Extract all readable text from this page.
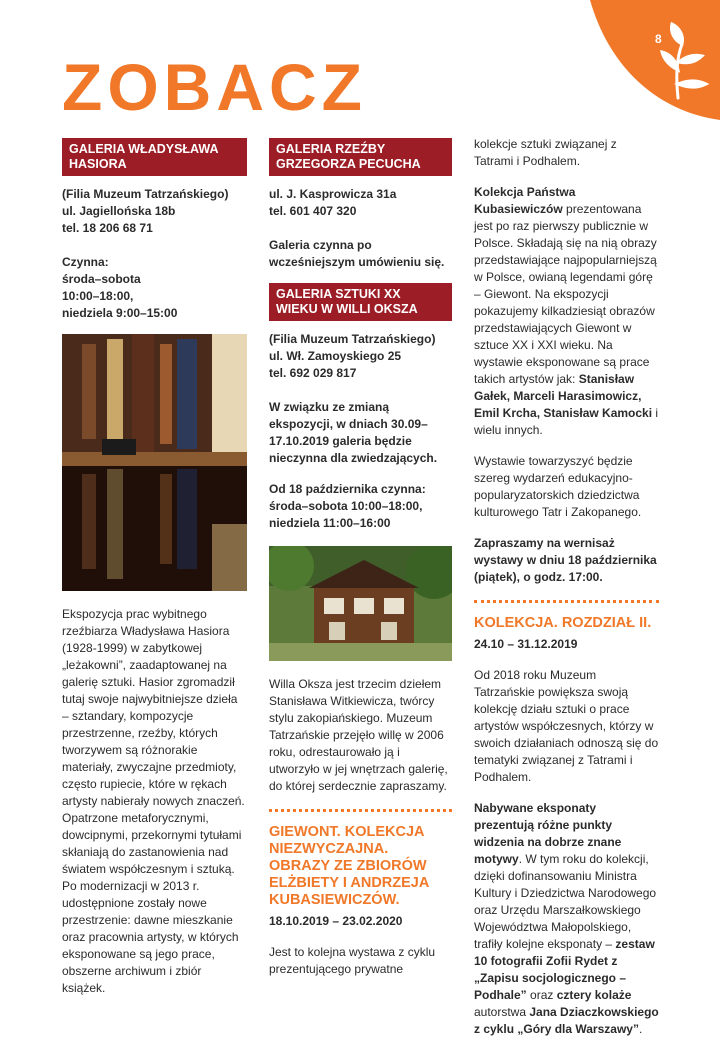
8
ZOBACZ
GALERIA WŁADYSŁAWA HASIORA
(Filia Muzeum Tatrzańskiego)
ul. Jagiellońska 18b
tel. 18 206 68 71
Czynna:
środa–sobota
10:00–18:00,
niedziela 9:00–15:00

Ekspozycja prac wybitnego rzeźbiarza Władysława Hasiora (1928-1999) w zabytkowej „leżakowni”, zaadaptowanej na galerię sztuki. Hasior zgromadził tutaj swoje najwybitniejsze dzieła – sztandary, kompozycje przestrzenne, rzeźby, których tworzywem są różnorakie materiały, zwyczajne przedmioty, często rupiecie, które w rękach artysty nabierały nowych znaczeń. Opatrzone metaforycznymi, dowcipnymi, przekornymi tytułami skłaniają do zastanowienia nad światem współczesnym i sztuką. Po modernizacji w 2013 r. udostępnione zostały nowe przestrzenie: dawne mieszkanie oraz pracownia artysty, w których eksponowane są jego prace, obszerne archiwum i zbiór książek.

GALERIA RZEŹBY GRZEGORZA PECUCHA
ul. J. Kasprowicza 31a
tel. 601 407 320
Galeria czynna po wcześniejszym umówieniu się.
GALERIA SZTUKI XX WIEKU W WILLI OKSZA
(Filia Muzeum Tatrzańskiego)
ul. Wł. Zamoyskiego 25
tel. 692 029 817

W związku ze zmianą ekspozycji, w dniach 30.09–17.10.2019 galeria będzie nieczynna dla zwiedzających.

Od 18 października czynna: środa–sobota 10:00–18:00, niedziela 11:00–16:00

Willa Oksza jest trzecim dziełem Stanisława Witkiewicza, twórcy stylu zakopiańskiego. Muzeum Tatrzańskie przejęło willę w 2006 roku, odrestaurowało ją i utworzyło w jej wnętrzach galerię, do której serdecznie zapraszamy.

GIEWONT. KOLEKCJA NIEZWYCZAJNA. OBRAZY ZE ZBIORÓW ELŻBIETY I ANDRZEJA KUBASIEWICZÓW.
18.10.2019 – 23.02.2020

Jest to kolejna wystawa z cyklu prezentującego prywatne

kolekcje sztuki związanej z Tatrami i Podhalem.

Kolekcja Państwa Kubasiewiczów prezentowana jest po raz pierwszy publicznie w Polsce. Składają się na nią obrazy przedstawiające najpopularniejszą w Polsce, owianą legendami górę – Giewont. Na ekspozycji pokazujemy kilkadziesiąt obrazów przedstawiających Giewont w sztuce XX i XXI wieku. Na wystawie eksponowane są prace takich artystów jak: Stanisław Gałek, Marceli Harasimowicz, Emil Krcha, Stanisław Kamocki i wielu innych.

Wystawie towarzyszyć będzie szereg wydarzeń edukacyjno-popularyzatorskich dziedzictwa kulturowego Tatr i Zakopanego.

Zapraszamy na wernisaż wystawy w dniu 18 października (piątek), o godz. 17:00.

KOLEKCJA. ROZDZIAŁ II.
24.10 – 31.12.2019

Od 2018 roku Muzeum Tatrzańskie powiększa swoją kolekcję działu sztuki o prace artystów współczesnych, którzy w swoich działaniach odnoszą się do tematyki związanej z Tatrami i Podhalem.

Nabywane eksponaty prezentują różne punkty widzenia na dobrze znane motywy. W tym roku do kolekcji, dzięki dofinansowaniu Ministra Kultury i Dziedzictwa Narodowego oraz Urzędu Marszałkowskiego Województwa Małopolskiego, trafiły kolejne eksponaty – zestaw 10 fotografii Zofii Rydet z „Zapisu socjologicznego – Podhale” oraz cztery kolaże autorstwa Jana Dziaczkowskiego z cyklu „Góry dla Warszawy”.
